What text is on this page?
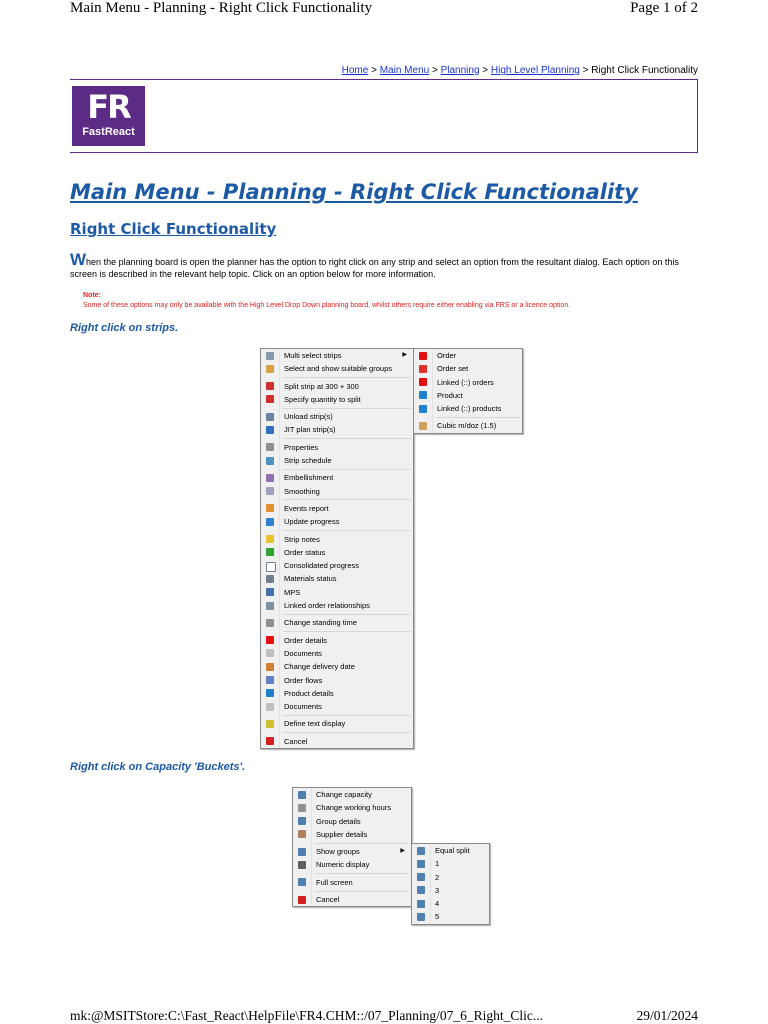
Main Menu - Planning - Right Click Functionality	Page 1 of 2
Home > Main Menu > Planning > High Level Planning > Right Click Functionality
FR
FastReact
Main Menu - Planning - Right Click Functionality
Right Click Functionality
When the planning board is open the planner has the option to right click on any strip and select an option from the resultant dialog. Each option on this screen is described in the relevant help topic. Click on an option below for more information.
Note:
Some of these options may only be available with the High Level Drop Down planning board, whilst others require either enabling via FRS or a licence option.
Right click on strips.
Multi select strips	▶
Select and show suitable groups
Split strip at 300 + 300
Specify quantity to split
Unload strip(s)
JIT plan strip(s)
Properties
Strip schedule
Embellishment
Smoothing
Events report
Update progress
Strip notes
Order status
Consolidated progress
Materials status
MPS
Linked order relationships
Change standing time
Order details
Documents
Change delivery date
Order flows
Product details
Documents
Define text display
Cancel
Order
Order set
Linked (::) orders
Product
Linked (::) products
Cubic m/doz (1.5)
Right click on Capacity 'Buckets'.
Change capacity
Change working hours
Group details
Supplier details
Show groups	▶
Numeric display
Full screen
Cancel
Equal split
1
2
3
4
5
mk:@MSITStore:C:\Fast_React\HelpFile\FR4.CHM::/07_Planning/07_6_Right_Clic...	29/01/2024
